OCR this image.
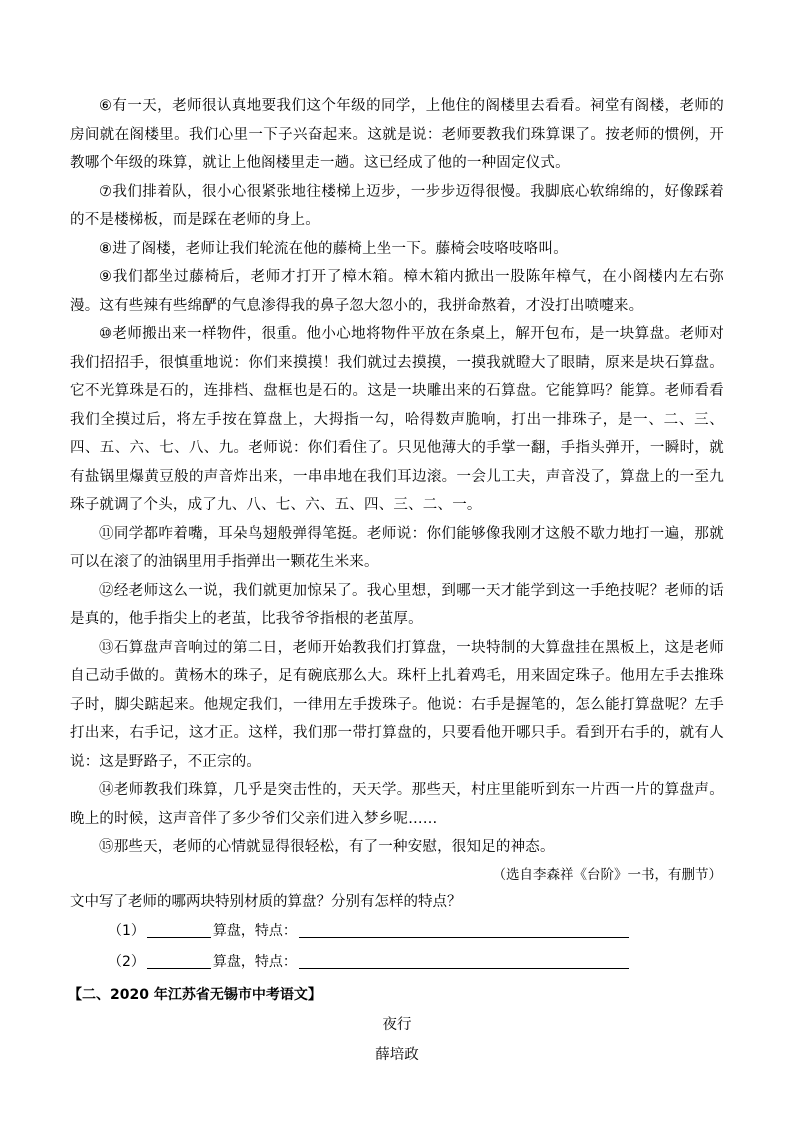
⑥有一天，老师很认真地要我们这个年级的同学，上他住的阁楼里去看看。祠堂有阁楼，老师的房间就在阁楼里。我们心里一下子兴奋起来。这就是说：老师要教我们珠算课了。按老师的惯例，开教哪个年级的珠算，就让上他阁楼里走一趟。这已经成了他的一种固定仪式。

⑦我们排着队，很小心很紧张地往楼梯上迈步，一步步迈得很慢。我脚底心软绵绵的，好像踩着的不是楼梯板，而是踩在老师的身上。

⑧进了阁楼，老师让我们轮流在他的藤椅上坐一下。藤椅会吱咯吱咯叫。

⑨我们都坐过藤椅后，老师才打开了樟木箱。樟木箱内掀出一股陈年樟气，在小阁楼内左右弥漫。这有些辣有些绵酽的气息渗得我的鼻子忽大忽小的，我拼命熬着，才没打出喷嚏来。

⑩老师搬出来一样物件，很重。他小心地将物件平放在条桌上，解开包布，是一块算盘。老师对我们招招手，很慎重地说：你们来摸摸！我们就过去摸摸，一摸我就瞪大了眼睛，原来是块石算盘。它不光算珠是石的，连排档、盘框也是石的。这是一块雕出来的石算盘。它能算吗？能算。老师看看我们全摸过后，将左手按在算盘上，大拇指一勾，哈得数声脆响，打出一排珠子，是一、二、三、四、五、六、七、八、九。老师说：你们看住了。只见他薄大的手掌一翻，手指头弹开，一瞬时，就有盐锅里爆黄豆般的声音炸出来，一串串地在我们耳边滚。一会儿工夫，声音没了，算盘上的一至九珠子就调了个头，成了九、八、七、六、五、四、三、二、一。

⑪同学都咋着嘴，耳朵鸟翅般弹得笔挺。老师说：你们能够像我刚才这般不歇力地打一遍，那就可以在滚了的油锅里用手指弹出一颗花生米来。

⑫经老师这么一说，我们就更加惊呆了。我心里想，到哪一天才能学到这一手绝技呢？老师的话是真的，他手指尖上的老茧，比我爷爷指根的老茧厚。

⑬石算盘声音响过的第二日，老师开始教我们打算盘，一块特制的大算盘挂在黑板上，这是老师自己动手做的。黄杨木的珠子，足有碗底那么大。珠杆上扎着鸡毛，用来固定珠子。他用左手去推珠子时，脚尖踮起来。他规定我们，一律用左手拨珠子。他说：右手是握笔的，怎么能打算盘呢？左手打出来，右手记，这才正。这样，我们那一带打算盘的，只要看他开哪只手。看到开右手的，就有人说：这是野路子，不正宗的。

⑭老师教我们珠算，几乎是突击性的，天天学。那些天，村庄里能听到东一片西一片的算盘声。晚上的时候，这声音伴了多少爷们父亲们进入梦乡呢……

⑮那些天，老师的心情就显得很轻松，有了一种安慰，很知足的神态。

（选自李森祥《台阶》一书，有删节）

文中写了老师的哪两块特别材质的算盘？分别有怎样的特点？

（1）	算盘，特点：

（2）	算盘，特点：

【二、2020 年江苏省无锡市中考语文】

夜行

薛培政
